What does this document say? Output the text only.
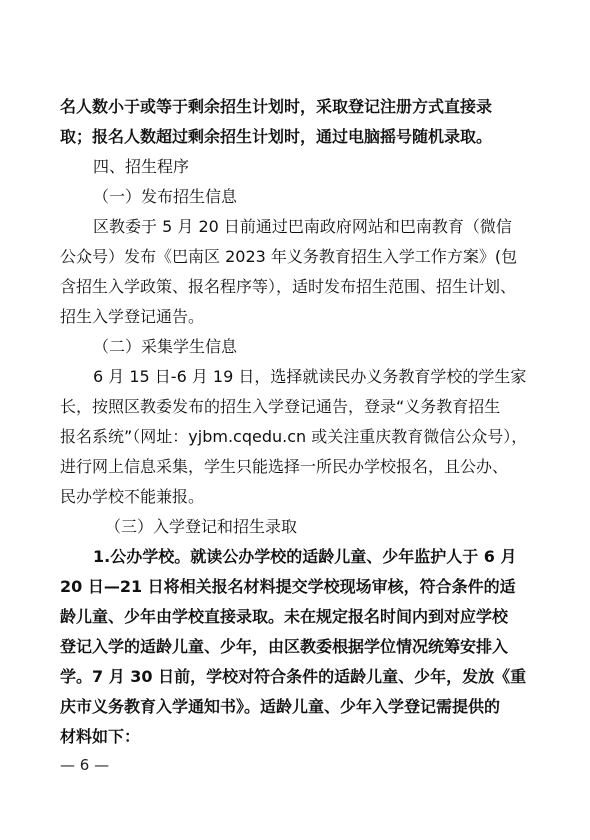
名人数小于或等于剩余招生计划时，采取登记注册方式直接录
取；报名人数超过剩余招生计划时，通过电脑摇号随机录取。
四、招生程序
（一）发布招生信息
区教委于 5 月 20 日前通过巴南政府网站和巴南教育（微信
公众号）发布《巴南区 2023 年义务教育招生入学工作方案》(包
含招生入学政策、报名程序等），适时发布招生范围、招生计划、
招生入学登记通告。
（二）采集学生信息
6 月 15 日-6 月 19 日，选择就读民办义务教育学校的学生家
长，按照区教委发布的招生入学登记通告，登录“义务教育招生
报名系统”（网址：yjbm.cqedu.cn 或关注重庆教育微信公众号），
进行网上信息采集，学生只能选择一所民办学校报名，且公办、
民办学校不能兼报。
（三）入学登记和招生录取
1.公办学校。就读公办学校的适龄儿童、少年监护人于 6 月
20 日—21 日将相关报名材料提交学校现场审核，符合条件的适
龄儿童、少年由学校直接录取。未在规定报名时间内到对应学校
登记入学的适龄儿童、少年，由区教委根据学位情况统筹安排入
学。7 月 30 日前，学校对符合条件的适龄儿童、少年，发放《重
庆市义务教育入学通知书》。适龄儿童、少年入学登记需提供的
材料如下：
— 6 —
